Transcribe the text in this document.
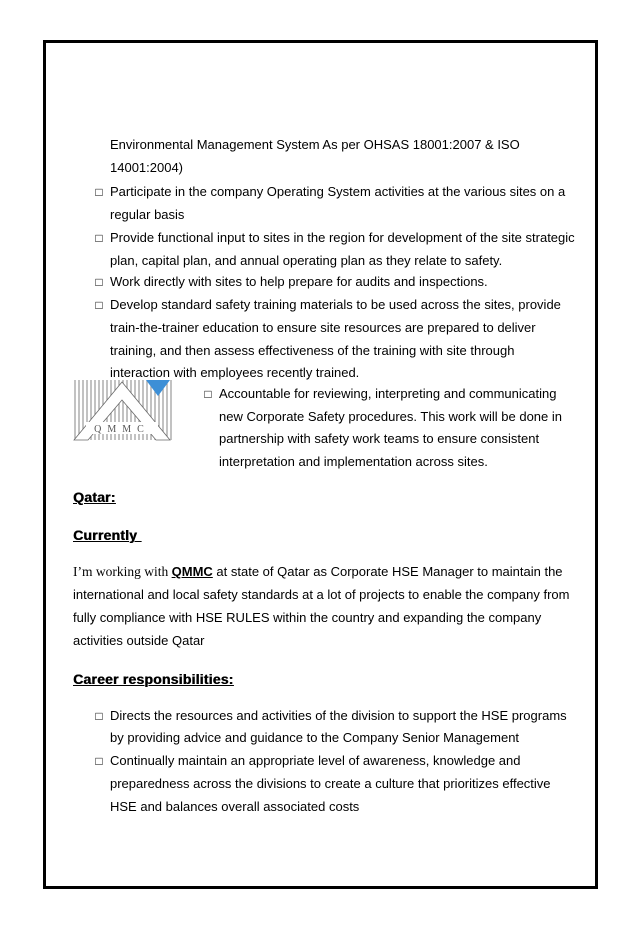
Environmental Management System As per OHSAS 18001:2007 & ISO
14001:2004)
□
Participate in the company Operating System activities at the various sites on a
regular basis
□
Provide functional input to sites in the region for development of the site strategic
plan, capital plan, and annual operating plan as they relate to safety.
□
Work directly with sites to help prepare for audits and inspections.
□
Develop standard safety training materials to be used across the sites, provide
train-the-trainer education to ensure site resources are prepared to deliver
training, and then assess effectiveness of the training with site through
interaction with employees recently trained.
QMMC
□
Accountable for reviewing, interpreting and communicating
new Corporate Safety procedures. This work will be done in
partnership with safety work teams to ensure consistent
interpretation and implementation across sites.
Qatar:
Currently
I’m working with QMMC at state of Qatar as Corporate HSE Manager to maintain the
international and local safety standards at a lot of projects to enable the company from
fully compliance with HSE RULES within the country and expanding the company
activities outside Qatar
Career responsibilities:
□
Directs the resources and activities of the division to support the HSE programs
by providing advice and guidance to the Company Senior Management
□
Continually maintain an appropriate level of awareness, knowledge and
preparedness across the divisions to create a culture that prioritizes effective
HSE and balances overall associated costs
